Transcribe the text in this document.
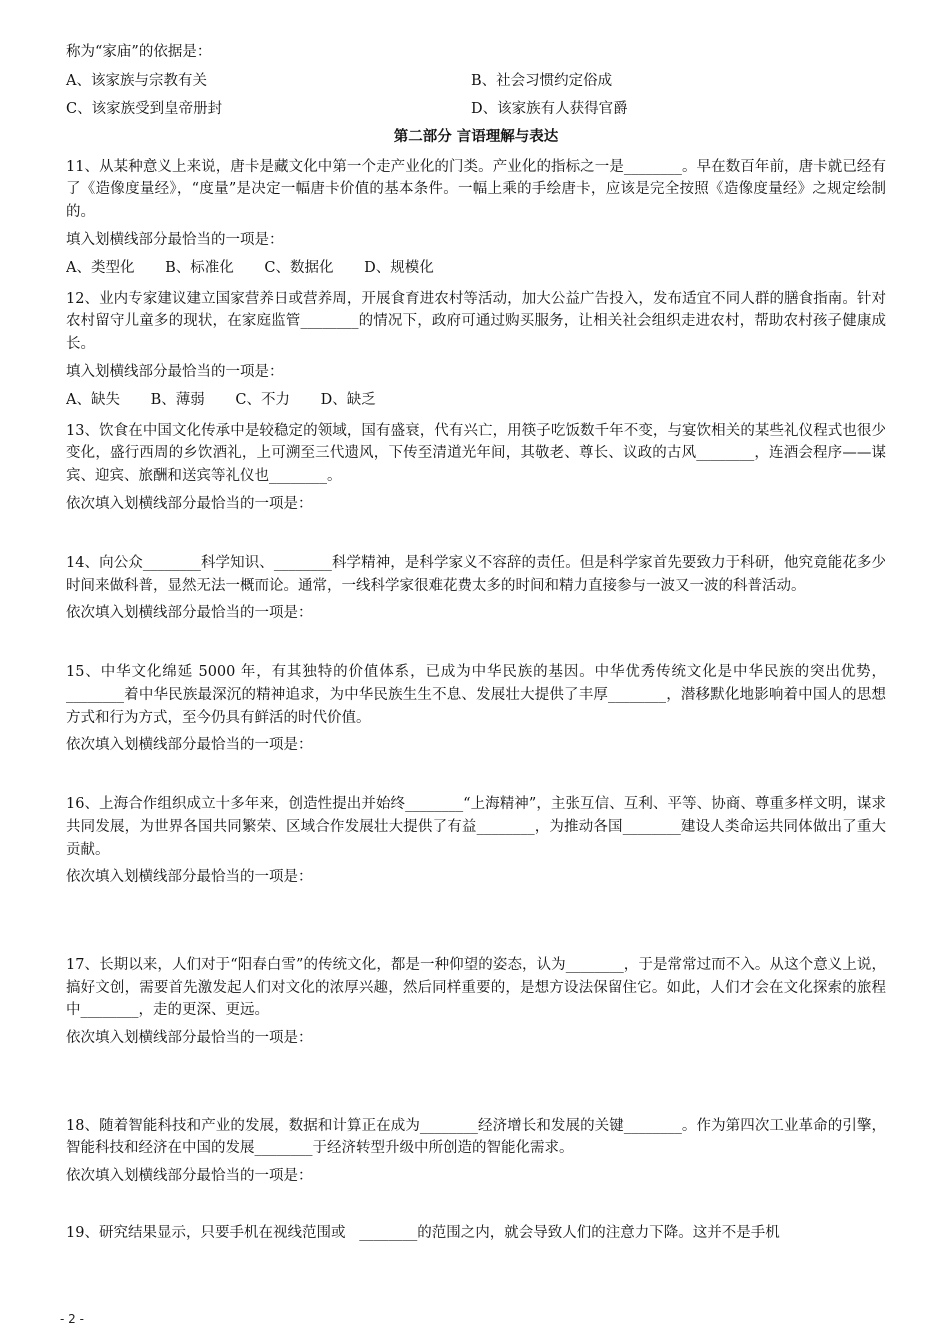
称为“家庙”的依据是：
A、该家族与宗教有关	B、社会习惯约定俗成
C、该家族受到皇帝册封	D、该家族有人获得官爵
第二部分 言语理解与表达
11、从某种意义上来说，唐卡是藏文化中第一个走产业化的门类。产业化的指标之一是________。早在数百年前，唐卡就已经有了《造像度量经》，“度量”是决定一幅唐卡价值的基本条件。一幅上乘的手绘唐卡，应该是完全按照《造像度量经》之规定绘制的。
填入划横线部分最恰当的一项是：
A、类型化 B、标准化 C、数据化 D、规模化
12、业内专家建议建立国家营养日或营养周，开展食育进农村等活动，加大公益广告投入，发布适宜不同人群的膳食指南。针对农村留守儿童多的现状，在家庭监管________的情况下，政府可通过购买服务，让相关社会组织走进农村，帮助农村孩子健康成长。
填入划横线部分最恰当的一项是：
A、缺失 B、薄弱 C、不力 D、缺乏
13、饮食在中国文化传承中是较稳定的领域，国有盛衰，代有兴亡，用筷子吃饭数千年不变，与宴饮相关的某些礼仪程式也很少变化，盛行西周的乡饮酒礼，上可溯至三代遗风，下传至清道光年间，其敬老、尊长、议政的古风________，连酒会程序——谋宾、迎宾、旅酬和送宾等礼仪也________。
依次填入划横线部分最恰当的一项是：

14、向公众________科学知识、________科学精神，是科学家义不容辞的责任。但是科学家首先要致力于科研，他究竟能花多少时间来做科普，显然无法一概而论。通常，一线科学家很难花费太多的时间和精力直接参与一波又一波的科普活动。
依次填入划横线部分最恰当的一项是：

15、中华文化绵延 5000 年，有其独特的价值体系，已成为中华民族的基因。中华优秀传统文化是中华民族的突出优势，________着中华民族最深沉的精神追求，为中华民族生生不息、发展壮大提供了丰厚________，潜移默化地影响着中国人的思想方式和行为方式，至今仍具有鲜活的时代价值。
依次填入划横线部分最恰当的一项是：

16、上海合作组织成立十多年来，创造性提出并始终________“上海精神”，主张互信、互利、平等、协商、尊重多样文明，谋求共同发展，为世界各国共同繁荣、区域合作发展壮大提供了有益________，为推动各国________建设人类命运共同体做出了重大贡献。
依次填入划横线部分最恰当的一项是：

17、长期以来，人们对于“阳春白雪”的传统文化，都是一种仰望的姿态，认为________，于是常常过而不入。从这个意义上说，搞好文创，需要首先激发起人们对文化的浓厚兴趣，然后同样重要的，是想方设法保留住它。如此，人们才会在文化探索的旅程中________，走的更深、更远。
依次填入划横线部分最恰当的一项是：

18、随着智能科技和产业的发展，数据和计算正在成为________经济增长和发展的关键________。作为第四次工业革命的引擎，智能科技和经济在中国的发展________于经济转型升级中所创造的智能化需求。
依次填入划横线部分最恰当的一项是：

19、研究结果显示，只要手机在视线范围或   ________的范围之内，就会导致人们的注意力下降。这并不是手机
- 2 -
